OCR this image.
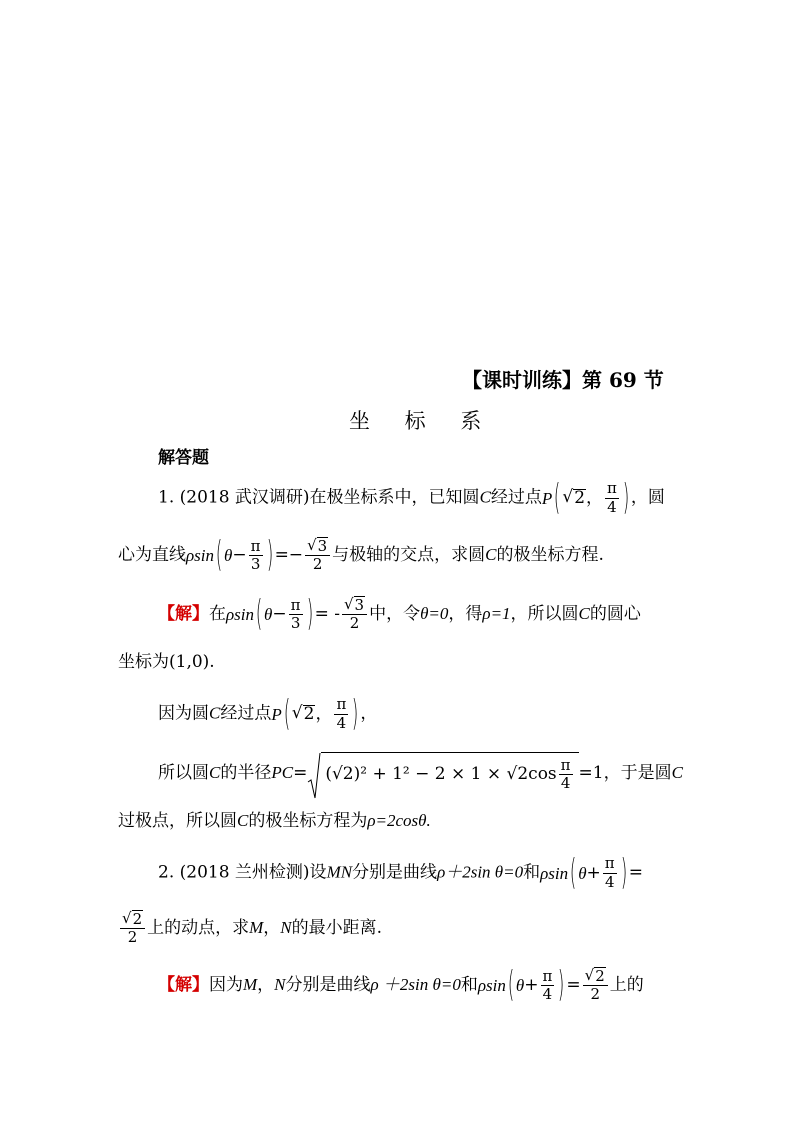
【课时训练】第 69 节
坐 标 系
解答题
1. (2018 武汉调研)在极坐标系中，已知圆C经过点 P ( √ 2 ， $\frac{\pi}{4}$ ) ，圆
心为直线 ρsin ( $\theta - \frac{\pi}{3}$ ) =− $\frac{√ 3}{2}$ 与极轴的交点，求圆C的极坐标方程.
【解】在 ρsin ( $\theta - \frac{\pi}{3}$ ) = - $\frac{√ 3}{2}$ 中，令θ=0，得ρ=1，所以圆C的圆心
坐标为(1,0).
因为圆C经过点 P ( √ 2 ， $\frac{\pi}{4}$ ) ，
所以圆C的半径$PC= (√2)^2 + 1^2 - 2 \times 1 \times √2\cos \frac{\pi}{4} =1$，于是圆C
过极点，所以圆C的极坐标方程为ρ=2cosθ.
2. (2018 兰州检测)设MN分别是曲线ρ＋2sin θ=0和 ρsin ( $\theta + \frac{\pi}{4}$ ) =
$\frac{√ 2}{2}$ 上的动点，求M，N的最小距离.
【解】因为M，N分别是曲线ρ ＋2sin θ=0和 ρsin ( $\theta + \frac{\pi}{4}$ ) = $\frac{√ 2}{2}$ 上的
